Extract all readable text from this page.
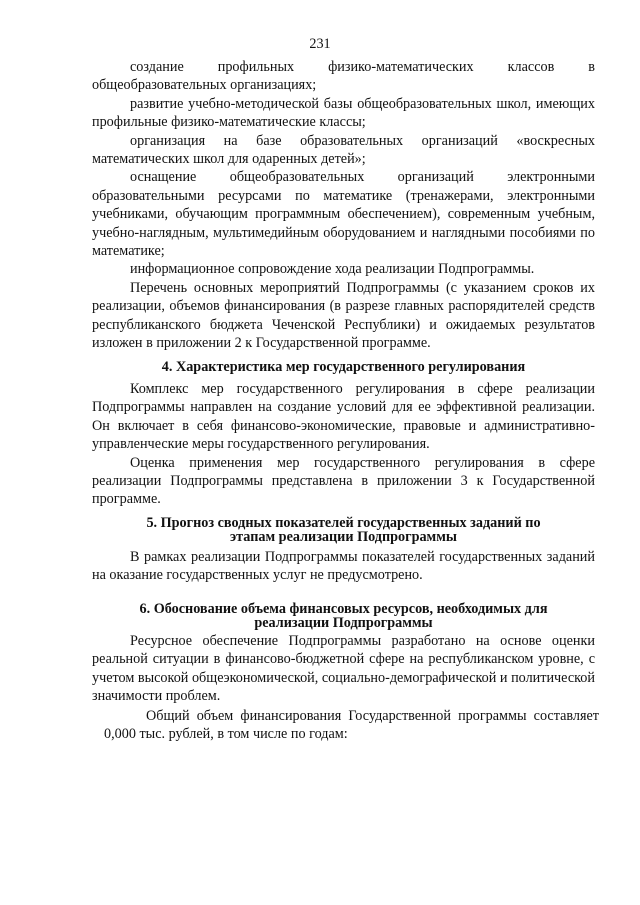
231

создание профильных физико-математических классов в общеобразовательных организациях;

развитие учебно-методической базы общеобразовательных школ, имеющих профильные физико-математические классы;

организация на базе образовательных организаций «воскресных математических школ для одаренных детей»;

оснащение общеобразовательных организаций электронными образовательными ресурсами по математике (тренажерами, электронными учебниками, обучающим программным обеспечением), современным учебным, учебно-наглядным, мультимедийным оборудованием и наглядными пособиями по математике;

информационное сопровождение хода реализации Подпрограммы.

Перечень основных мероприятий Подпрограммы (с указанием сроков их реализации, объемов финансирования (в разрезе главных распорядителей средств республиканского бюджета Чеченской Республики) и ожидаемых результатов изложен в приложении 2 к Государственной программе.

4. Характеристика мер государственного регулирования

Комплекс мер государственного регулирования в сфере реализации Подпрограммы направлен на создание условий для ее эффективной реализации. Он включает в себя финансово-экономические, правовые и административно-управленческие меры государственного регулирования.

Оценка применения мер государственного регулирования в сфере реализации Подпрограммы представлена в приложении 3 к Государственной программе.

5. Прогноз сводных показателей государственных заданий по
этапам реализации Подпрограммы

В рамках реализации Подпрограммы показателей государственных заданий на оказание государственных услуг не предусмотрено.

6. Обоснование объема финансовых ресурсов, необходимых для
реализации Подпрограммы

Ресурсное обеспечение Подпрограммы разработано на основе оценки реальной ситуации в финансово-бюджетной сфере на республиканском уровне, с учетом высокой общеэкономической, социально-демографической и политической значимости проблем.

Общий объем финансирования Государственной программы составляет 0,000 тыс. рублей, в том числе по годам:
